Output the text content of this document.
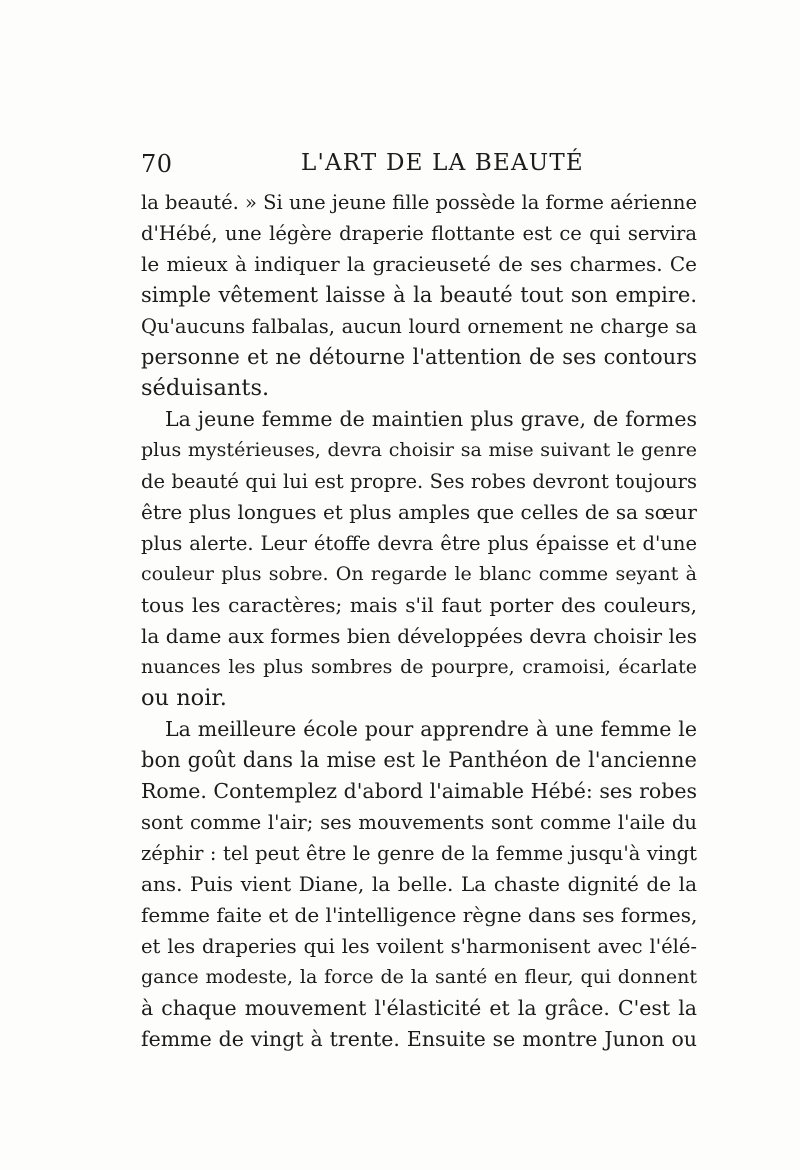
70	L'ART DE LA BEAUTÉ
la beauté. » Si une jeune fille possède la forme aérienne
d'Hébé, une légère draperie flottante est ce qui servira
le mieux à indiquer la gracieuseté de ses charmes. Ce
simple vêtement laisse à la beauté tout son empire.
Qu'aucuns falbalas, aucun lourd ornement ne charge sa
personne et ne détourne l'attention de ses contours
séduisants.
La jeune femme de maintien plus grave, de formes
plus mystérieuses, devra choisir sa mise suivant le genre
de beauté qui lui est propre. Ses robes devront toujours
être plus longues et plus amples que celles de sa sœur
plus alerte. Leur étoffe devra être plus épaisse et d'une
couleur plus sobre. On regarde le blanc comme seyant à
tous les caractères; mais s'il faut porter des couleurs,
la dame aux formes bien développées devra choisir les
nuances les plus sombres de pourpre, cramoisi, écarlate
ou noir.
La meilleure école pour apprendre à une femme le
bon goût dans la mise est le Panthéon de l'ancienne
Rome. Contemplez d'abord l'aimable Hébé: ses robes
sont comme l'air; ses mouvements sont comme l'aile du
zéphir : tel peut être le genre de la femme jusqu'à vingt
ans. Puis vient Diane, la belle. La chaste dignité de la
femme faite et de l'intelligence règne dans ses formes,
et les draperies qui les voilent s'harmonisent avec l'élé-
gance modeste, la force de la santé en fleur, qui donnent
à chaque mouvement l'élasticité et la grâce. C'est la
femme de vingt à trente. Ensuite se montre Junon ou
